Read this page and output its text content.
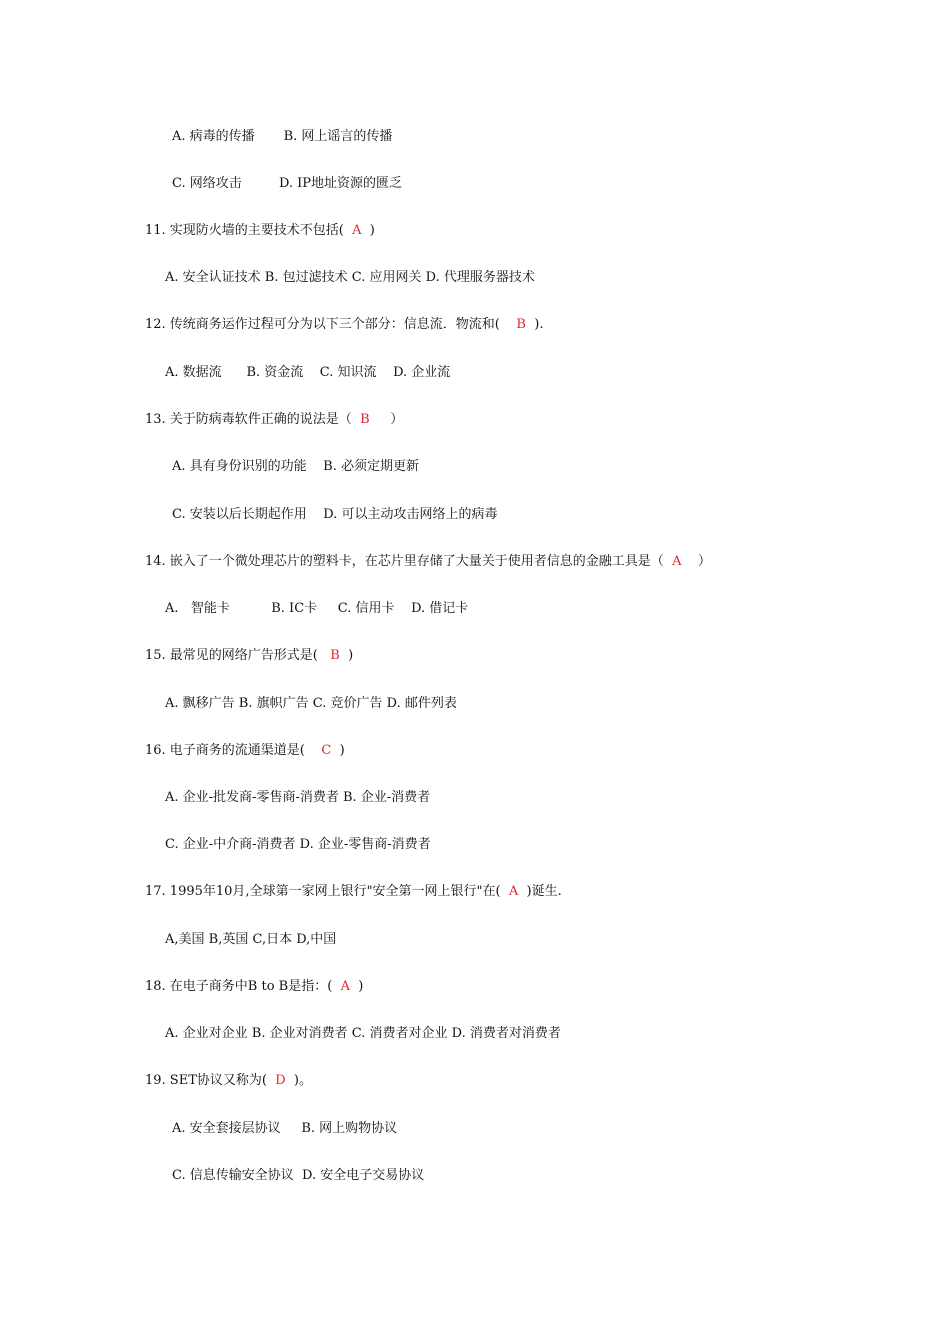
A. 病毒的传播       B. 网上谣言的传播
C. 网络攻击         D. IP地址资源的匮乏
11. 实现防火墙的主要技术不包括(  A  )
A. 安全认证技术 B. 包过滤技术 C. 应用网关 D. 代理服务器技术
12. 传统商务运作过程可分为以下三个部分：信息流．物流和(    B  ).
A. 数据流      B. 资金流    C. 知识流    D. 企业流
13. 关于防病毒软件正确的说法是（  B     ）
A. 具有身份识别的功能    B. 必须定期更新
C. 安装以后长期起作用    D. 可以主动攻击网络上的病毒
14. 嵌入了一个微处理芯片的塑料卡，在芯片里存储了大量关于使用者信息的金融工具是（  A    ）
A.   智能卡          B. IC卡     C. 信用卡    D. 借记卡
15. 最常见的网络广告形式是(   B  )
A. 飘移广告 B. 旗帜广告 C. 竞价广告 D. 邮件列表
16. 电子商务的流通渠道是(    C  )
A. 企业-批发商-零售商-消费者 B. 企业-消费者
C. 企业-中介商-消费者 D. 企业-零售商-消费者
17. 1995年10月,全球第一家网上银行"安全第一网上银行"在(  A  )诞生.
A,美国 B,英国 C,日本 D,中国
18. 在电子商务中B to B是指：(  A  )
A. 企业对企业 B. 企业对消费者 C. 消费者对企业 D. 消费者对消费者
19. SET协议又称为(  D  )。
A. 安全套接层协议     B. 网上购物协议
C. 信息传输安全协议  D. 安全电子交易协议
